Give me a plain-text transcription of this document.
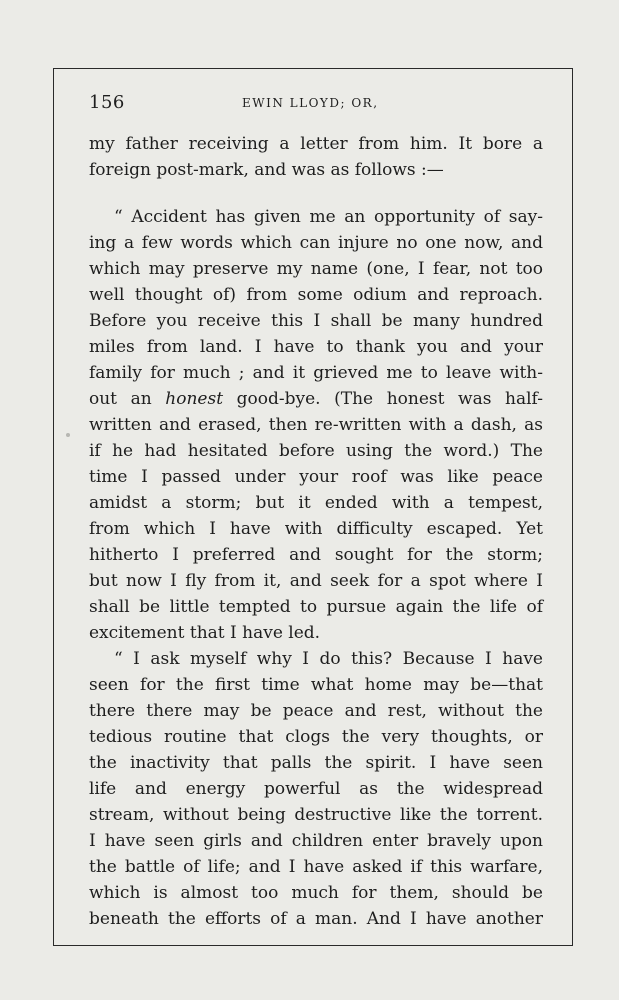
156	EWIN LLOYD; OR,
my father receiving a letter from him. It bore a
foreign post-mark, and was as follows :—
“ Accident has given me an opportunity of say-
ing a few words which can injure no one now, and
which may preserve my name (one, I fear, not too
well thought of) from some odium and reproach.
Before you receive this I shall be many hundred
miles from land. I have to thank you and your
family for much ; and it grieved me to leave with-
out an honest good-bye. (The honest was half-
written and erased, then re-written with a dash, as
if he had hesitated before using the word.) The
time I passed under your roof was like peace
amidst a storm; but it ended with a tempest,
from which I have with difficulty escaped. Yet
hitherto I preferred and sought for the storm;
but now I fly from it, and seek for a spot where I
shall be little tempted to pursue again the life of
excitement that I have led.
“ I ask myself why I do this? Because I have
seen for the first time what home may be—that
there there may be peace and rest, without the
tedious routine that clogs the very thoughts, or
the inactivity that palls the spirit. I have seen
life and energy powerful as the widespread
stream, without being destructive like the torrent.
I have seen girls and children enter bravely upon
the battle of life; and I have asked if this warfare,
which is almost too much for them, should be
beneath the efforts of a man. And I have another
